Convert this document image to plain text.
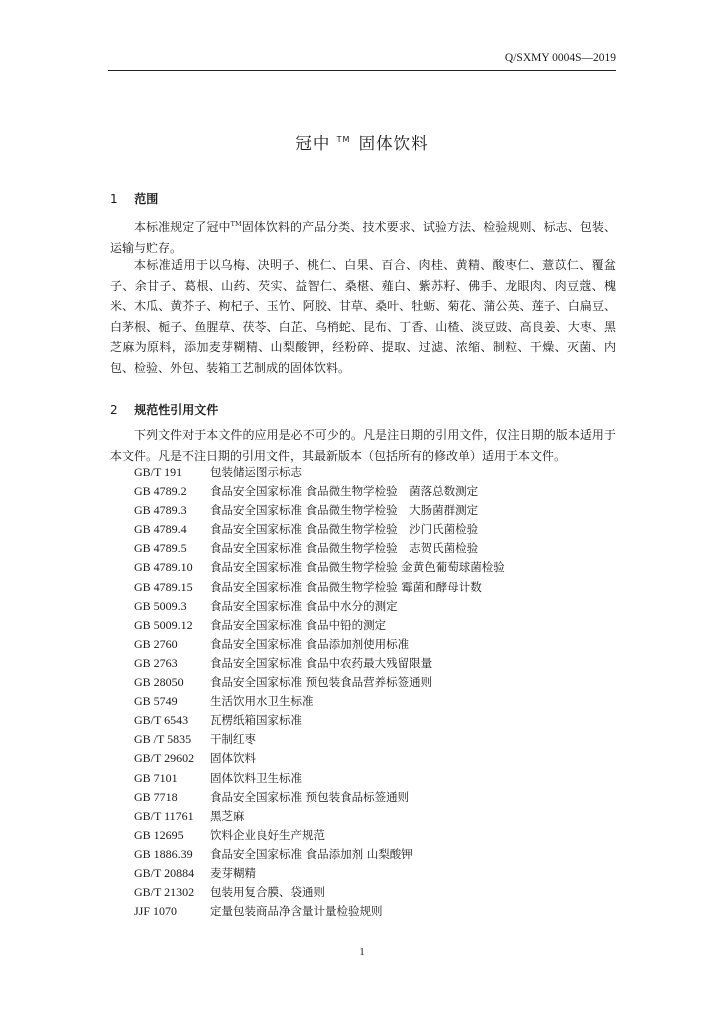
Q/SXMY 0004S—2019
冠中 ™ 固体饮料
1 范围

本标准规定了冠中™固体饮料的产品分类、技术要求、试验方法、检验规则、标志、包装、运输与贮存。

本标准适用于以乌梅、决明子、桃仁、白果、百合、肉桂、黄精、酸枣仁、薏苡仁、覆盆子、余甘子、葛根、山药、芡实、益智仁、桑椹、薤白、紫苏籽、佛手、龙眼肉、肉豆蔻、槐米、木瓜、黄芥子、枸杞子、玉竹、阿胶、甘草、桑叶、牡蛎、菊花、蒲公英、莲子、白扁豆、白茅根、栀子、鱼腥草、茯苓、白芷、乌梢蛇、昆布、丁香、山楂、淡豆豉、高良姜、大枣、黑芝麻为原料，添加麦芽糊精、山梨酸钾，经粉碎、提取、过滤、浓缩、制粒、干燥、灭菌、内包、检验、外包、装箱工艺制成的固体饮料。

2 规范性引用文件

下列文件对于本文件的应用是必不可少的。凡是注日期的引用文件，仅注日期的版本适用于本文件。凡是不注日期的引用文件，其最新版本（包括所有的修改单）适用于本文件。

GB/T 191 包装储运图示标志
GB 4789.2 食品安全国家标准 食品微生物学检验　菌落总数测定
GB 4789.3 食品安全国家标准 食品微生物学检验　大肠菌群测定
GB 4789.4 食品安全国家标准 食品微生物学检验　沙门氏菌检验
GB 4789.5 食品安全国家标准 食品微生物学检验　志贺氏菌检验
GB 4789.10 食品安全国家标准 食品微生物学检验 金黄色葡萄球菌检验
GB 4789.15 食品安全国家标准 食品微生物学检验 霉菌和酵母计数
GB 5009.3 食品安全国家标准 食品中水分的测定
GB 5009.12 食品安全国家标准 食品中铅的测定
GB 2760	食品安全国家标准 食品添加剂使用标准
GB 2763	食品安全国家标准 食品中农药最大残留限量
GB 28050 食品安全国家标准 预包装食品营养标签通则
GB 5749	生活饮用水卫生标准
GB/T 6543 瓦楞纸箱国家标准
GB /T 5835 干制红枣
GB/T 29602 固体饮料
GB 7101	固体饮料卫生标准
GB 7718	食品安全国家标准 预包装食品标签通则
GB/T 11761 黑芝麻
GB 12695 饮料企业良好生产规范
GB 1886.39 食品安全国家标准 食品添加剂 山梨酸钾
GB/T 20884 麦芽糊精
GB/T 21302 包装用复合膜、袋通则
JJF 1070	定量包装商品净含量计量检验规则
1
